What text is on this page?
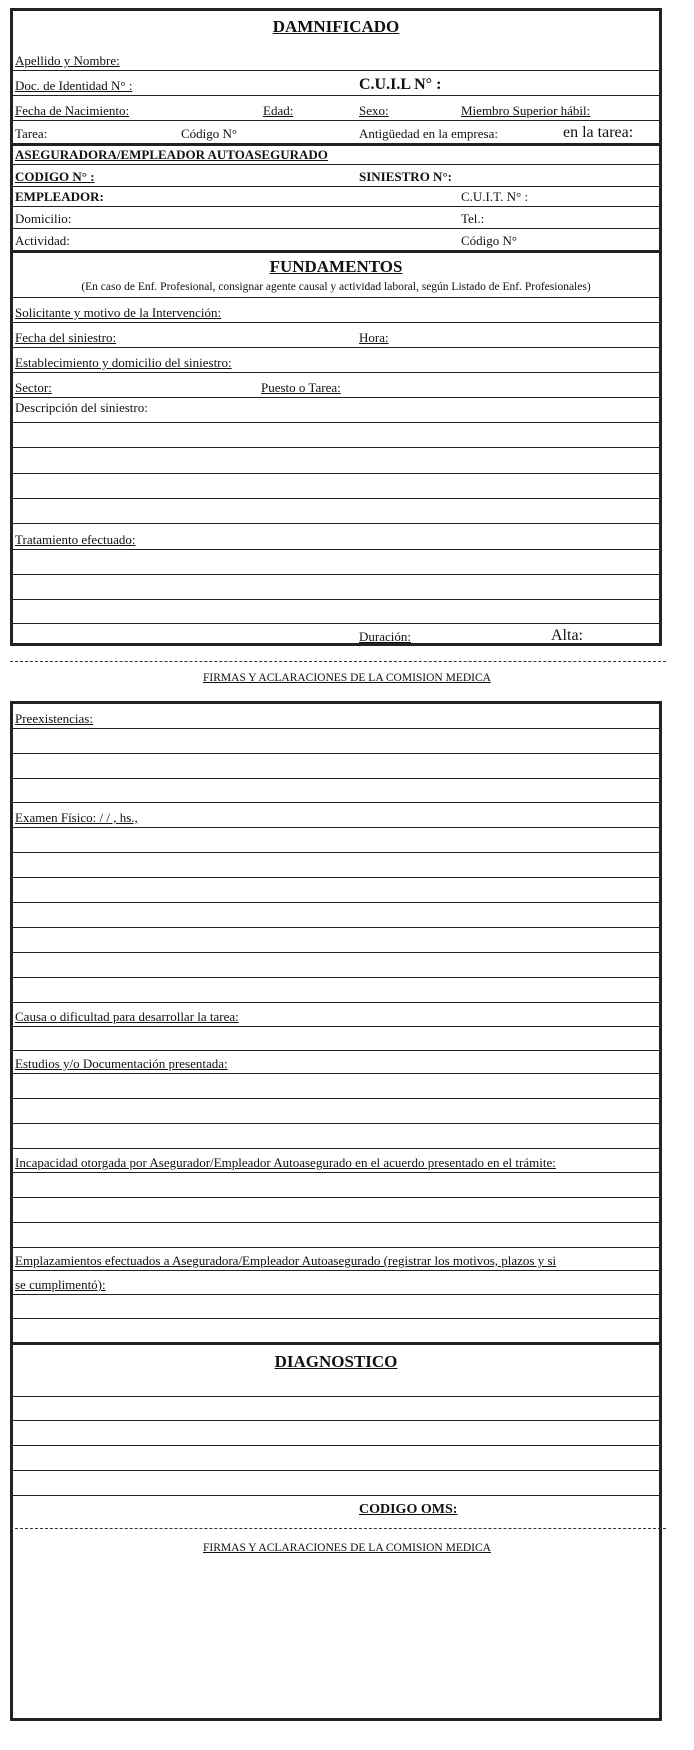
DAMNIFICADO
Apellido y Nombre:
Doc. de Identidad N° :	C.U.I.L N° :
Fecha de Nacimiento:	Edad:	Sexo:	Miembro Superior hábil:
Tarea:	Código N°	Antigüedad en la empresa:	en la tarea:
ASEGURADORA/EMPLEADOR AUTOASEGURADO
CODIGO N° :	SINIESTRO N°:
EMPLEADOR:	C.U.I.T. N° :
Domicilio:	Tel.:
Actividad:	Código N°
FUNDAMENTOS
(En caso de Enf. Profesional, consignar agente causal y actividad laboral, según Listado de Enf. Profesionales)
Solicitante y motivo de la Intervención:
Fecha del siniestro:	Hora:
Establecimiento y domicilio del siniestro:
Sector:	Puesto o Tarea:
Descripción del siniestro:
Tratamiento efectuado:
Duración:	Alta:
FIRMAS Y ACLARACIONES DE LA COMISION MEDICA
Preexistencias:
Examen Físico: / / , hs.,
Causa o dificultad para desarrollar la tarea:
Estudios y/o Documentación presentada:
Incapacidad otorgada por Asegurador/Empleador Autoasegurado en el acuerdo presentado en el trámite:
Emplazamientos efectuados a Aseguradora/Empleador Autoasegurado (registrar los motivos, plazos y si
se cumplimentó):
DIAGNOSTICO
CODIGO OMS:
FIRMAS Y ACLARACIONES DE LA COMISION MEDICA
